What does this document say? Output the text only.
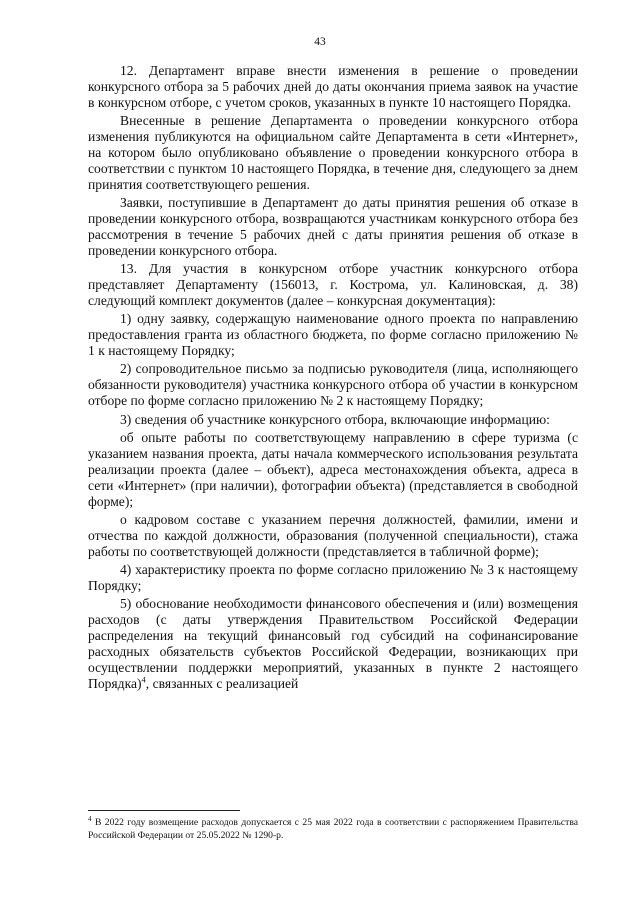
43

12. Департамент вправе внести изменения в решение о проведении конкурсного отбора за 5 рабочих дней до даты окончания приема заявок на участие в конкурсном отборе, с учетом сроков, указанных в пункте 10 настоящего Порядка.

Внесенные в решение Департамента о проведении конкурсного отбора изменения публикуются на официальном сайте Департамента в сети «Интернет», на котором было опубликовано объявление о проведении конкурсного отбора в соответствии с пунктом 10 настоящего Порядка, в течение дня, следующего за днем принятия соответствующего решения.

Заявки, поступившие в Департамент до даты принятия решения об отказе в проведении конкурсного отбора, возвращаются участникам конкурсного отбора без рассмотрения в течение 5 рабочих дней с даты принятия решения об отказе в проведении конкурсного отбора.

13. Для участия в конкурсном отборе участник конкурсного отбора представляет Департаменту (156013, г. Кострома, ул. Калиновская, д. 38) следующий комплект документов (далее – конкурсная документация):

1) одну заявку, содержащую наименование одного проекта по направлению предоставления гранта из областного бюджета, по форме согласно приложению № 1 к настоящему Порядку;

2) сопроводительное письмо за подписью руководителя (лица, исполняющего обязанности руководителя) участника конкурсного отбора об участии в конкурсном отборе по форме согласно приложению № 2 к настоящему Порядку;

3) сведения об участнике конкурсного отбора, включающие информацию:

об опыте работы по соответствующему направлению в сфере туризма (с указанием названия проекта, даты начала коммерческого использования результата реализации проекта (далее – объект), адреса местонахождения объекта, адреса в сети «Интернет» (при наличии), фотографии объекта) (представляется в свободной форме);

о кадровом составе с указанием перечня должностей, фамилии, имени и отчества по каждой должности, образования (полученной специальности), стажа работы по соответствующей должности (представляется в табличной форме);

4) характеристику проекта по форме согласно приложению № 3 к настоящему Порядку;

5) обоснование необходимости финансового обеспечения и (или) возмещения расходов (с даты утверждения Правительством Российской Федерации распределения на текущий финансовый год субсидий на софинансирование расходных обязательств субъектов Российской Федерации, возникающих при осуществлении поддержки мероприятий, указанных в пункте 2 настоящего Порядка)$^4$, связанных с реализацией

$^4$ В 2022 году возмещение расходов допускается с 25 мая 2022 года в соответствии с распоряжением Правительства Российской Федерации от 25.05.2022 № 1290-р.
